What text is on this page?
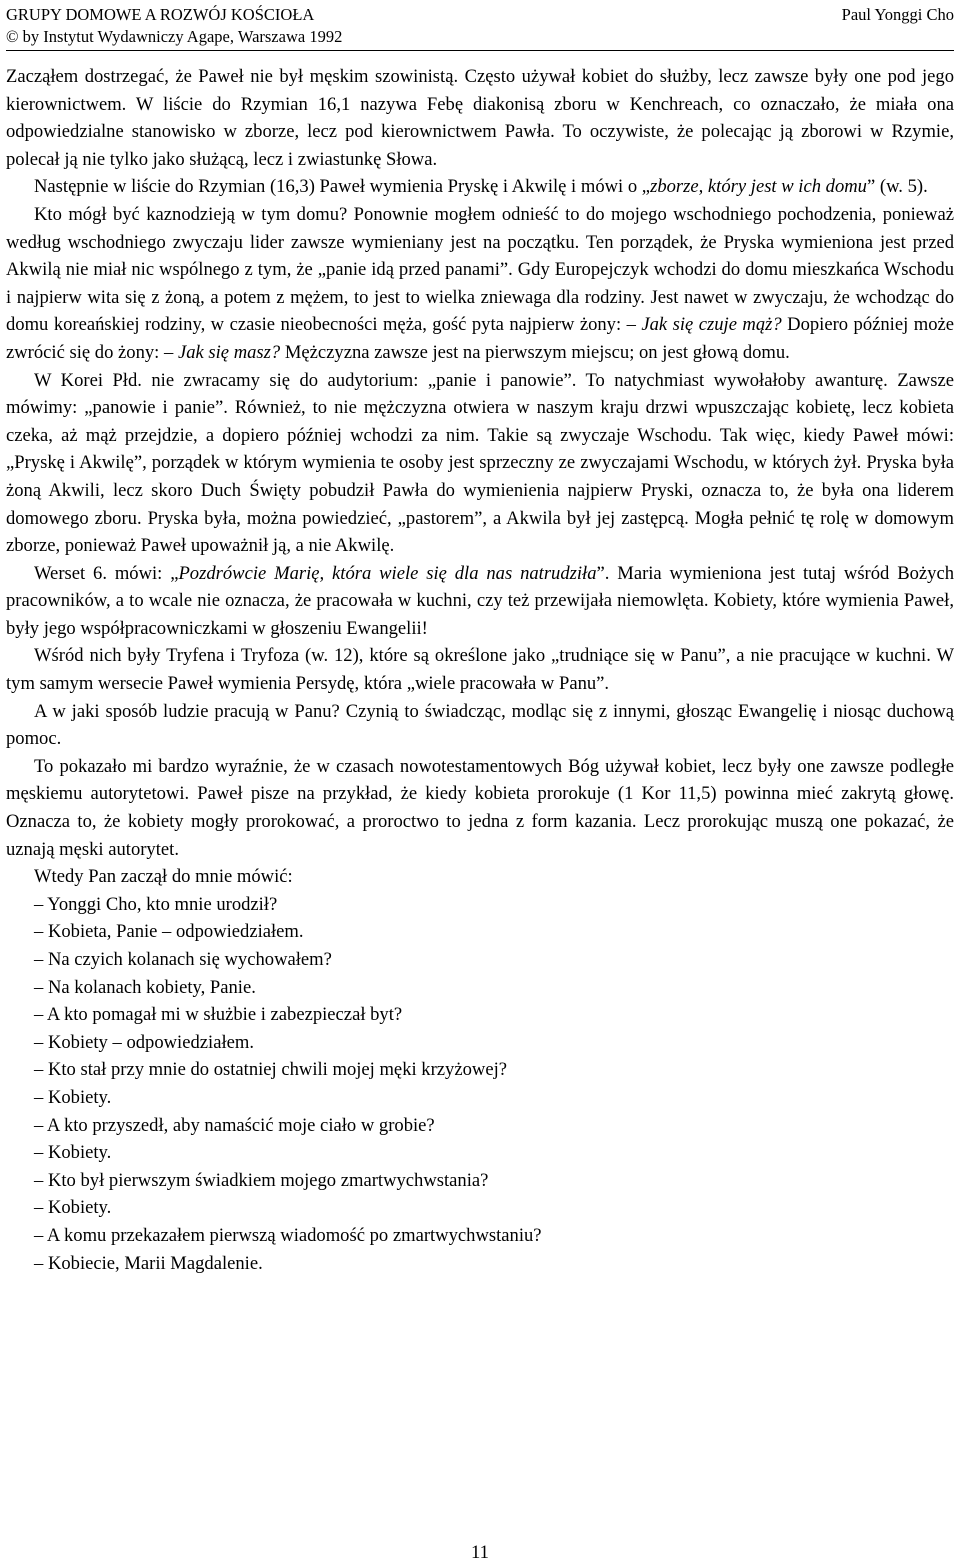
GRUPY DOMOWE A ROZWÓJ KOŚCIOŁA	Paul Yonggi Cho
© by Instytut Wydawniczy Agape, Warszawa 1992

Zacząłem dostrzegać, że Paweł nie był męskim szowinistą. Często używał kobiet do służby, lecz zawsze były one pod jego kierownictwem. W liście do Rzymian 16,1 nazywa Febę diakonisą zboru w Kenchreach, co oznaczało, że miała ona odpowiedzialne stanowisko w zborze, lecz pod kierownictwem Pawła. To oczywiste, że polecając ją zborowi w Rzymie, polecał ją nie tylko jako służącą, lecz i zwiastunkę Słowa.

Następnie w liście do Rzymian (16,3) Paweł wymienia Pryskę i Akwilę i mówi o „zborze, który jest w ich domu” (w. 5).

Kto mógł być kaznodzieją w tym domu? Ponownie mogłem odnieść to do mojego wschodniego pochodzenia, ponieważ według wschodniego zwyczaju lider zawsze wymieniany jest na początku. Ten porządek, że Pryska wymieniona jest przed Akwilą nie miał nic wspólnego z tym, że „panie idą przed panami”. Gdy Europejczyk wchodzi do domu mieszkańca Wschodu i najpierw wita się z żoną, a potem z mężem, to jest to wielka zniewaga dla rodziny. Jest nawet w zwyczaju, że wchodząc do domu koreańskiej rodziny, w czasie nieobecności męża, gość pyta najpierw żony: – Jak się czuje mąż? Dopiero później może zwrócić się do żony: – Jak się masz? Mężczyzna zawsze jest na pierwszym miejscu; on jest głową domu.

W Korei Płd. nie zwracamy się do audytorium: „panie i panowie”. To natychmiast wywołałoby awanturę. Zawsze mówimy: „panowie i panie”. Również, to nie mężczyzna otwiera w naszym kraju drzwi wpuszczając kobietę, lecz kobieta czeka, aż mąż przejdzie, a dopiero później wchodzi za nim. Takie są zwyczaje Wschodu. Tak więc, kiedy Paweł mówi: „Pryskę i Akwilę”, porządek w którym wymienia te osoby jest sprzeczny ze zwyczajami Wschodu, w których żył. Pryska była żoną Akwili, lecz skoro Duch Święty pobudził Pawła do wymienienia najpierw Pryski, oznacza to, że była ona liderem domowego zboru. Pryska była, można powiedzieć, „pastorem”, a Akwila był jej zastępcą. Mogła pełnić tę rolę w domowym zborze, ponieważ Paweł upoważnił ją, a nie Akwilę.

Werset 6. mówi: „Pozdrówcie Marię, która wiele się dla nas natrudziła”. Maria wymieniona jest tutaj wśród Bożych pracowników, a to wcale nie oznacza, że pracowała w kuchni, czy też przewijała niemowlęta. Kobiety, które wymienia Paweł, były jego współpracowniczkami w głoszeniu Ewangelii!

Wśród nich były Tryfena i Tryfoza (w. 12), które są określone jako „trudniące się w Panu”, a nie pracujące w kuchni. W tym samym wersecie Paweł wymienia Persydę, która „wiele pracowała w Panu”.

A w jaki sposób ludzie pracują w Panu? Czynią to świadcząc, modląc się z innymi, głosząc Ewangelię i niosąc duchową pomoc.

To pokazało mi bardzo wyraźnie, że w czasach nowotestamentowych Bóg używał kobiet, lecz były one zawsze podległe męskiemu autorytetowi. Paweł pisze na przykład, że kiedy kobieta prorokuje (1 Kor 11,5) powinna mieć zakrytą głowę. Oznacza to, że kobiety mogły prorokować, a proroctwo to jedna z form kazania. Lecz prorokując muszą one pokazać, że uznają męski autorytet.

Wtedy Pan zaczął do mnie mówić:

– Yonggi Cho, kto mnie urodził?

– Kobieta, Panie – odpowiedziałem.

– Na czyich kolanach się wychowałem?

– Na kolanach kobiety, Panie.

– A kto pomagał mi w służbie i zabezpieczał byt?

– Kobiety – odpowiedziałem.

– Kto stał przy mnie do ostatniej chwili mojej męki krzyżowej?

– Kobiety.

– A kto przyszedł, aby namaścić moje ciało w grobie?

– Kobiety.

– Kto był pierwszym świadkiem mojego zmartwychwstania?

– Kobiety.

– A komu przekazałem pierwszą wiadomość po zmartwychwstaniu?

– Kobiecie, Marii Magdalenie.

11
